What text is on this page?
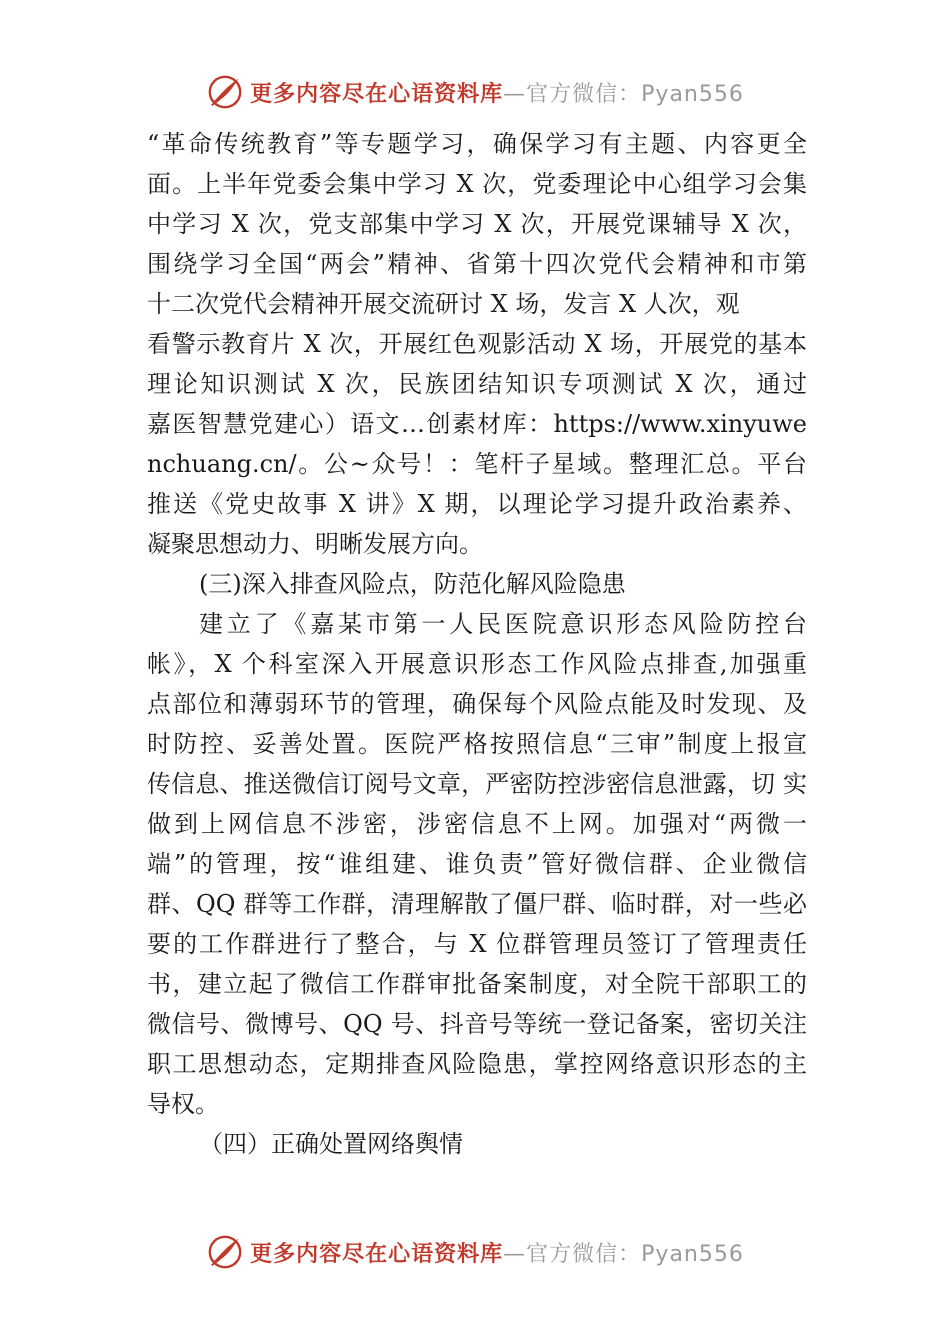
更多内容尽在心语资料库—官方微信：Pyan556
“革命传统教育”等专题学习，确保学习有主题、内容更全
面。上半年党委会集中学习 X 次，党委理论中心组学习会集
中学习 X 次，党支部集中学习 X 次，开展党课辅导 X 次，
围绕学习全国“两会”精神、省第十四次党代会精神和市第
十二次党代会精神开展交流研讨 X 场，发言 X 人次，观
看警示教育片 X 次，开展红色观影活动 X 场，开展党的基本
理论知识测试 X 次，民族团结知识专项测试 X 次，通过
嘉医智慧党建心）语文…创素材库：https://www.xinyuwe
nchuang.cn/。公~众号！：笔杆子星域。整理汇总。平台
推送《党史故事 X 讲》X 期，以理论学习提升政治素养、
凝聚思想动力、明晰发展方向。
(三)深入排查风险点，防范化解风险隐患
建立了《嘉某市第一人民医院意识形态风险防控台
帐》，X 个科室深入开展意识形态工作风险点排查,加强重
点部位和薄弱环节的管理，确保每个风险点能及时发现、及
时防控、妥善处置。医院严格按照信息“三审”制度上报宣
传信息、推送微信订阅号文章，严密防控涉密信息泄露，切 实
做到上网信息不涉密，涉密信息不上网。加强对“两微一
端”的管理，按“谁组建、谁负责”管好微信群、企业微信
群、QQ 群等工作群，清理解散了僵尸群、临时群，对一些必
要的工作群进行了整合，与 X 位群管理员签订了管理责任
书，建立起了微信工作群审批备案制度，对全院干部职工的
微信号、微博号、QQ 号、抖音号等统一登记备案，密切关注
职工思想动态，定期排查风险隐患，掌控网络意识形态的主
导权。
（四）正确处置网络舆情
更多内容尽在心语资料库—官方微信：Pyan556
